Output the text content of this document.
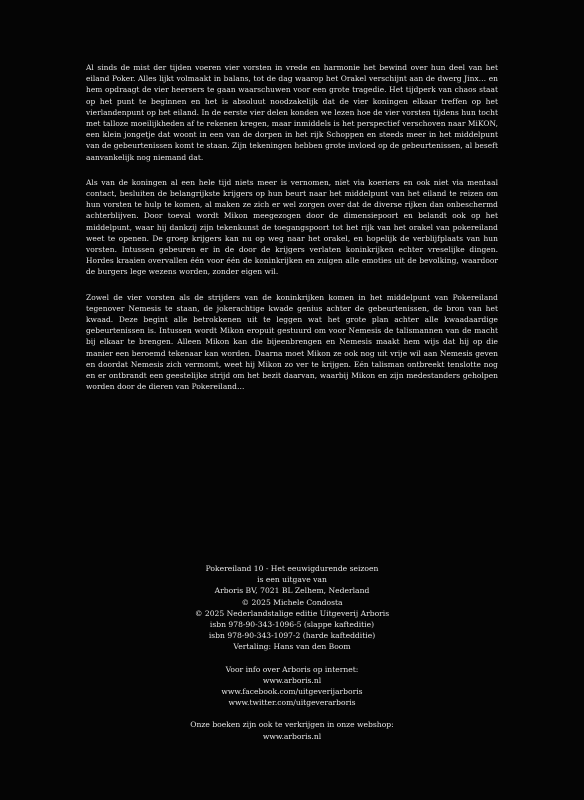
Al sinds de mist der tijden voeren vier vorsten in vrede en harmonie het bewind over hun deel van het eiland Poker. Alles lijkt volmaakt in balans, tot de dag waarop het Orakel verschijnt aan de dwerg Jinx… en hem opdraagt de vier heersers te gaan waarschuwen voor een grote tragedie. Het tijdperk van chaos staat op het punt te beginnen en het is absoluut noodzakelijk dat de vier koningen elkaar treffen op het vierlandenpunt op het eiland. In de eerste vier delen konden we lezen hoe de vier vorsten tijdens hun tocht met talloze moeilijkheden af te rekenen kregen, maar inmiddels is het perspectief verschoven naar MiKON, een klein jongetje dat woont in een van de dorpen in het rijk Schoppen en steeds meer in het middelpunt van de gebeurtenissen komt te staan. Zijn tekeningen hebben grote invloed op de gebeurtenissen, al beseft aanvankelijk nog niemand dat.

Als van de koningen al een hele tijd niets meer is vernomen, niet via koeriers en ook niet via mentaal contact, besluiten de belangrijkste krijgers op hun beurt naar het middelpunt van het eiland te reizen om hun vorsten te hulp te komen, al maken ze zich er wel zorgen over dat de diverse rijken dan onbeschermd achterblijven. Door toeval wordt Mikon meegezogen door de dimensiepoort en belandt ook op het middelpunt, waar hij dankzij zijn tekenkunst de toegangspoort tot het rijk van het orakel van pokereiland weet te openen. De groep krijgers kan nu op weg naar het orakel, en hopelijk de verblijfplaats van hun vorsten. Intussen gebeuren er in de door de krijgers verlaten koninkrijken echter vreselijke dingen. Hordes kraaien overvallen één voor één de koninkrijken en zuigen alle emoties uit de bevolking, waardoor de burgers lege wezens worden, zonder eigen wil.

Zowel de vier vorsten als de strijders van de koninkrijken komen in het middelpunt van Pokereiland tegenover Nemesis te staan, de jokerachtige kwade genius achter de gebeurtenissen, de bron van het kwaad. Deze begint alle betrokkenen uit te leggen wat het grote plan achter alle kwaadaardige gebeurtenissen is. Intussen wordt Mikon eropuit gestuurd om voor Nemesis de talismannen van de macht bij elkaar te brengen. Alleen Mikon kan die bijeenbrengen en Nemesis maakt hem wijs dat hij op die manier een beroemd tekenaar kan worden. Daarna moet Mikon ze ook nog uit vrije wil aan Nemesis geven en doordat Nemesis zich vermomt, weet hij Mikon zo ver te krijgen. Eén talisman ontbreekt tenslotte nog en er ontbrandt een geestelijke strijd om het bezit daarvan, waarbij Mikon en zijn medestanders geholpen worden door de dieren van Pokereiland…

Pokereiland 10 - Het eeuwigdurende seizoen
is een uitgave van
Arboris BV, 7021 BL Zelhem, Nederland
© 2025 Michele Condosta
© 2025 Nederlandstalige editie Uitgeverij Arboris
isbn 978-90-343-1096-5 (slappe kafteditie)
isbn 978-90-343-1097-2 (harde kaftedditie)
Vertaling: Hans van den Boom
Voor info over Arboris op internet:
www.arboris.nl
www.facebook.com/uitgeverijarboris
www.twitter.com/uitgeverarboris
Onze boeken zijn ook te verkrijgen in onze webshop:
www.arboris.nl
